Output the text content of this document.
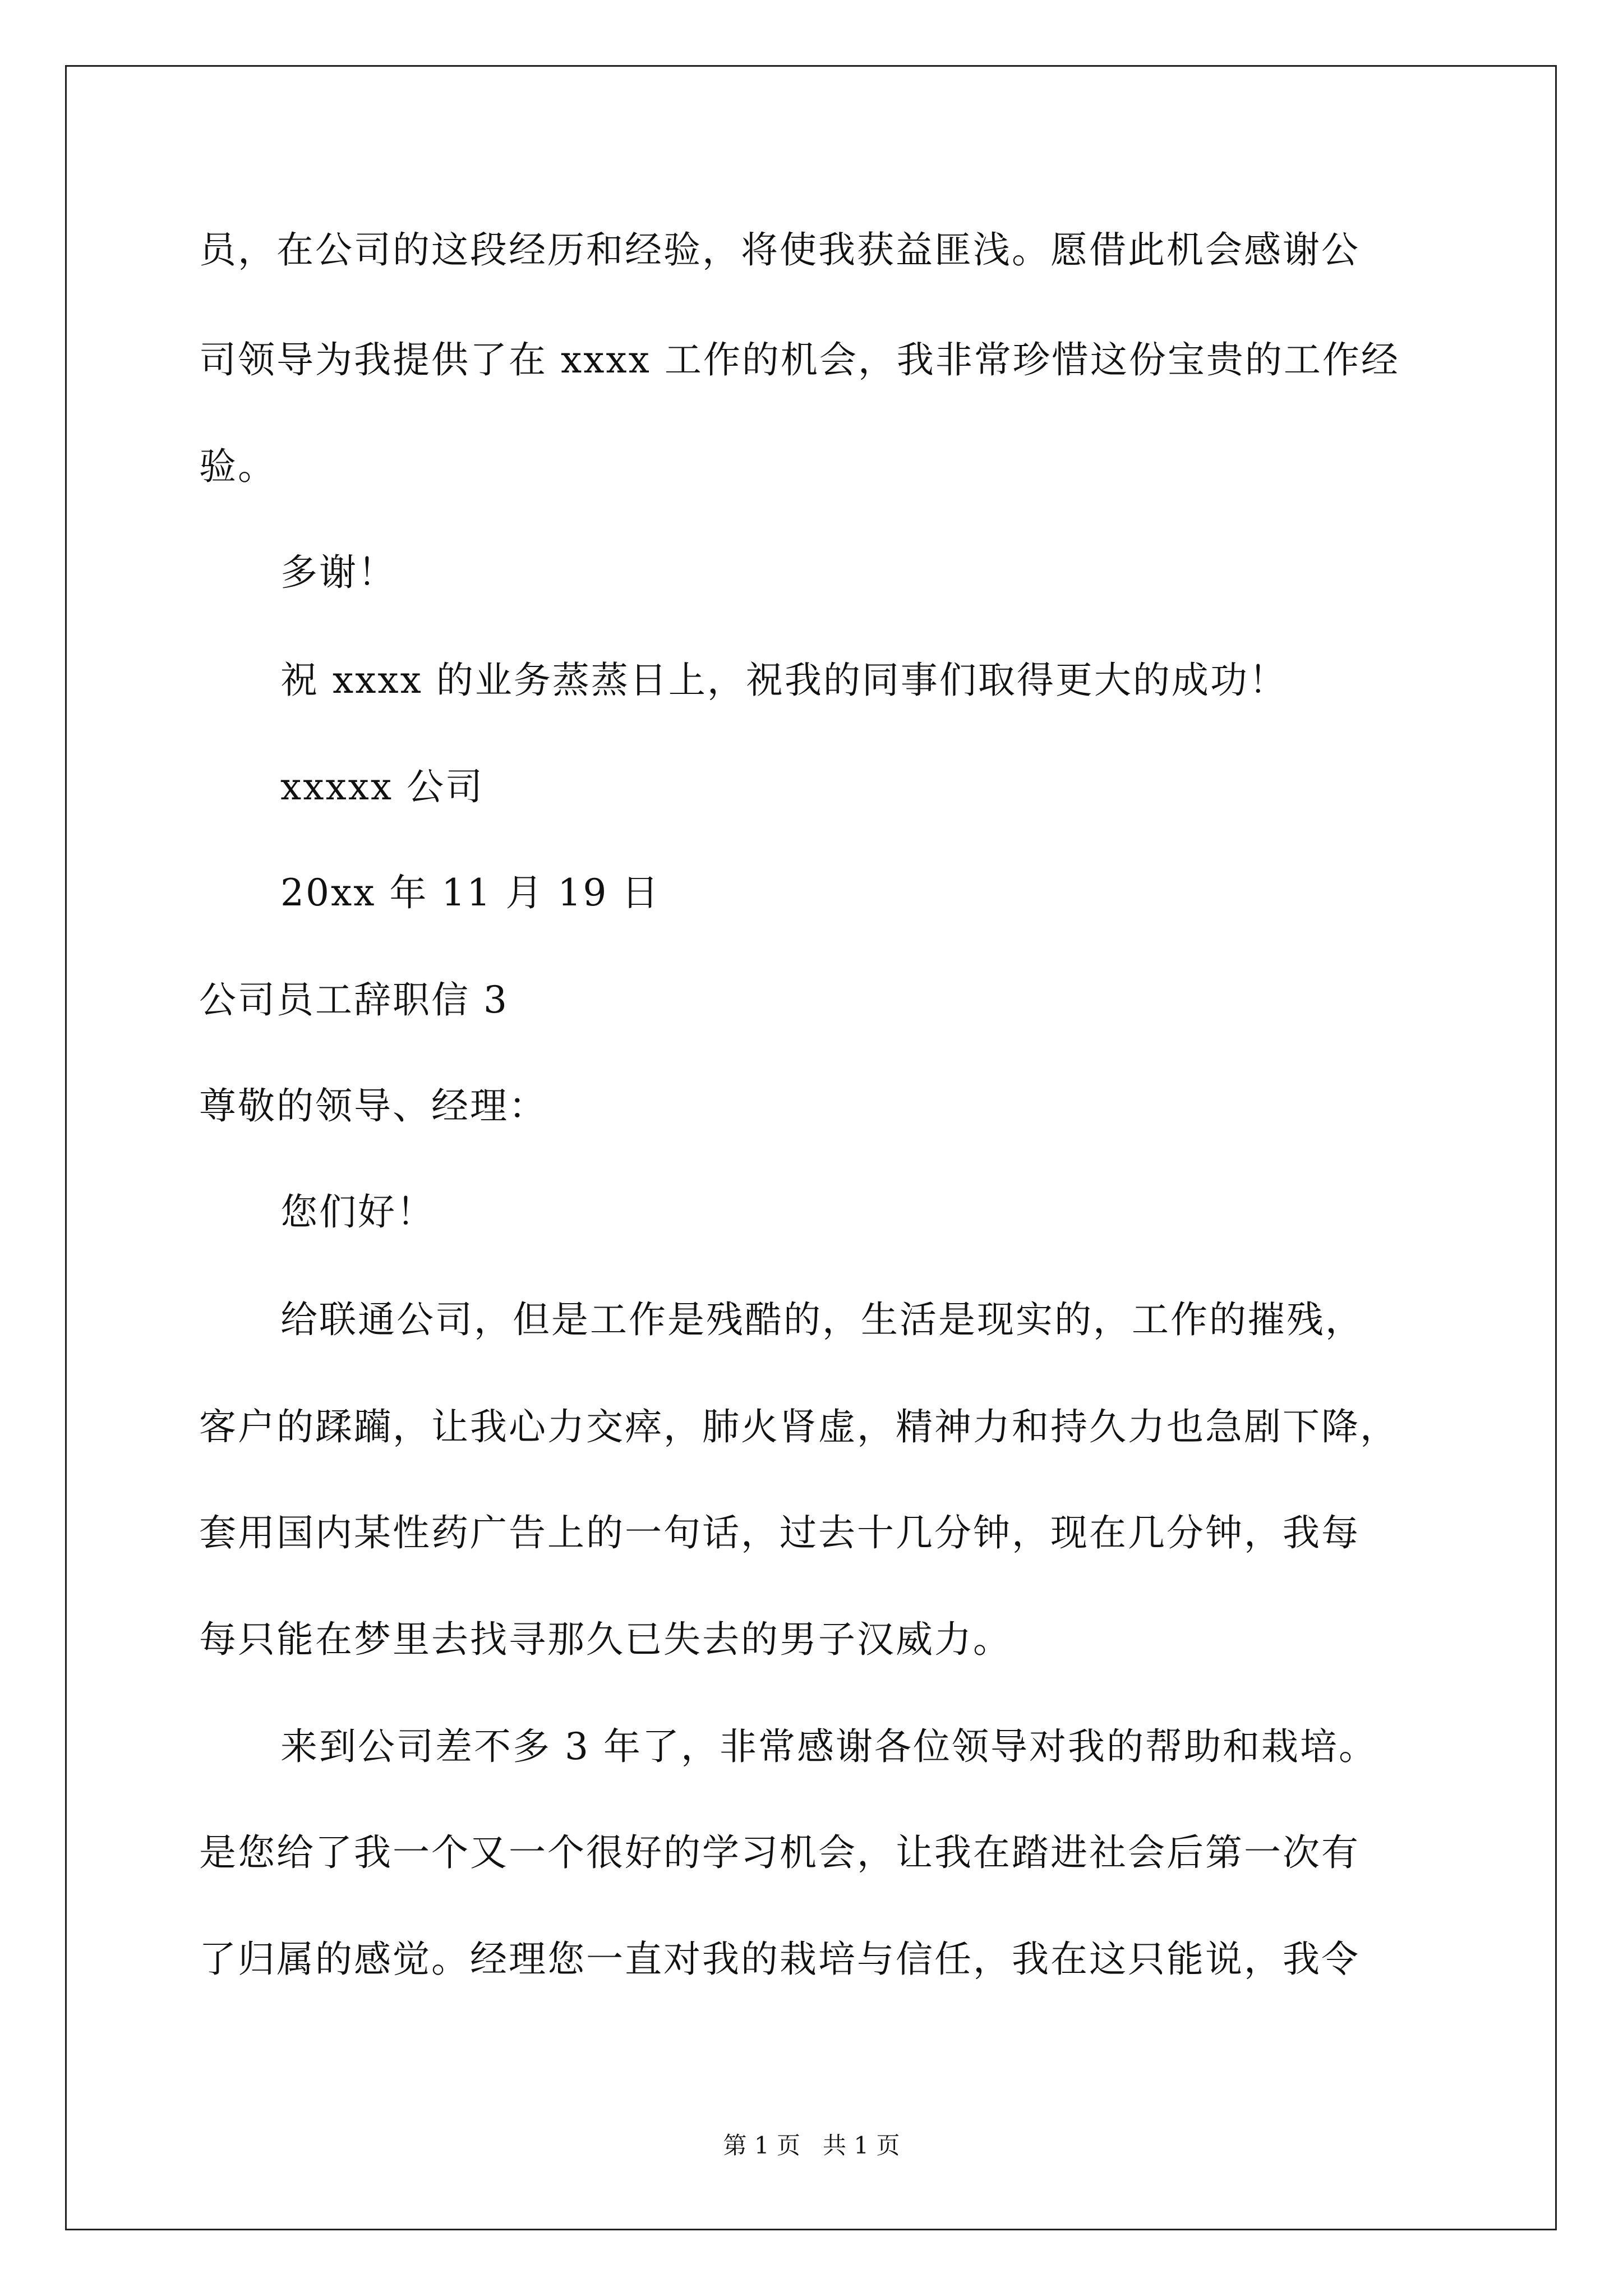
员，在公司的这段经历和经验，将使我获益匪浅。愿借此机会感谢公
司领导为我提供了在 xxxx 工作的机会，我非常珍惜这份宝贵的工作经
验。
多谢！
祝 xxxx 的业务蒸蒸日上，祝我的同事们取得更大的成功！
xxxxx 公司
20xx 年 11 月 19 日
公司员工辞职信 3
尊敬的领导、经理：
您们好！
给联通公司，但是工作是残酷的，生活是现实的，工作的摧残，
客户的蹂躏，让我心力交瘁，肺火肾虚，精神力和持久力也急剧下降，
套用国内某性药广告上的一句话，过去十几分钟，现在几分钟，我每
每只能在梦里去找寻那久已失去的男子汉威力。
来到公司差不多 3 年了，非常感谢各位领导对我的帮助和栽培。
是您给了我一个又一个很好的学习机会，让我在踏进社会后第一次有
了归属的感觉。经理您一直对我的栽培与信任，我在这只能说，我令
第 1 页   共 1 页
